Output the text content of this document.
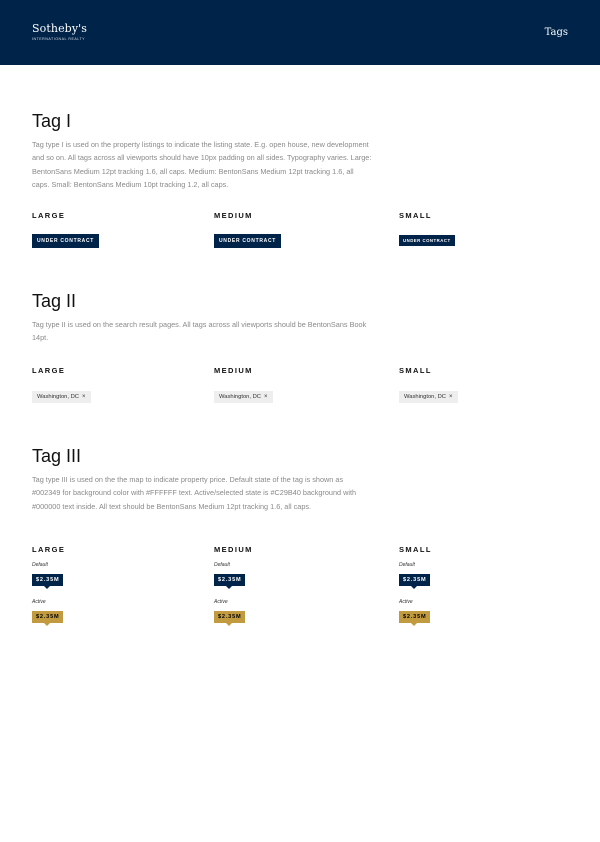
Sotheby's
INTERNATIONAL REALTY
Tags
Tag I

Tag type I is used on the property listings to indicate the listing state. E.g. open house, new development and so on. All tags across all viewports should have 10px padding on all sides. Typography varies. Large: BentonSans Medium 12pt tracking 1.6, all caps. Medium: BentonSans Medium 12pt tracking 1.6, all caps. Small: BentonSans Medium 10pt tracking 1.2, all caps.

LARGE
UNDER CONTRACT
MEDIUM
UNDER CONTRACT
SMALL
UNDER CONTRACT
Tag II

Tag type II is used on the search result pages. All tags across all viewports should be BentonSans Book 14pt.

LARGE
Washington, DC ×
MEDIUM
Washington, DC ×
SMALL
Washington, DC ×
Tag III

Tag type III is used on the the map to indicate property price. Default state of the tag is shown as #002349 for background color with #FFFFFF text. Active/selected state is #C29B40 background with #000000 text inside. All text should be BentonSans Medium 12pt tracking 1.6, all caps.

LARGE
Default
$2.35M
Active
$2.35M
MEDIUM
Default
$2.35M
Active
$2.35M
SMALL
Default
$2.35M
Active
$2.35M
